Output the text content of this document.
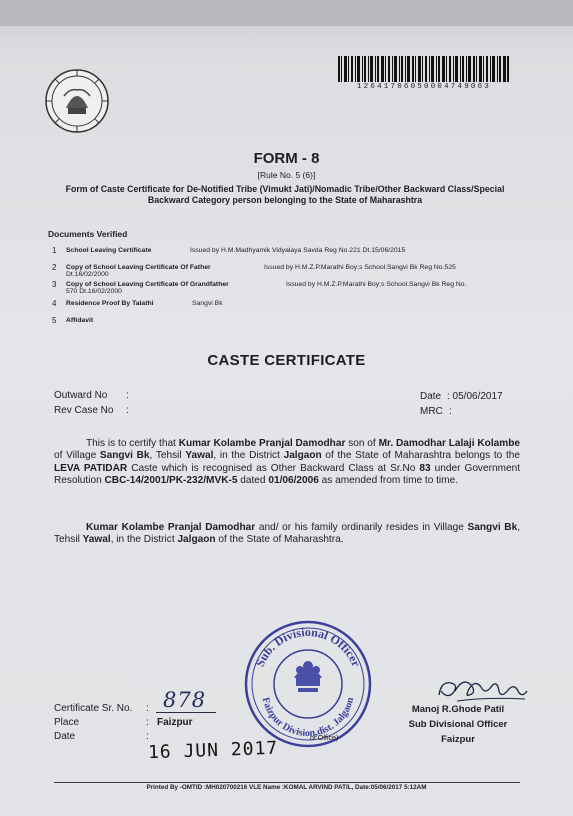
12641706050004749063
FORM - 8
[Rule No. 5 (6)]
Form of Caste Certificate for De-Notified Tribe (Vimukt Jati)/Nomadic Tribe/Other Backward Class/Special Backward Category person belonging to the State of Maharashtra
Documents Verified
1 School Leaving Certificate	Issued by H.M.Madhyamik Vidyalaya Savda Reg No.221 Dt.15/06/2015
2 Copy of School Leaving Certificate Of Father	Issued by H.M.Z.P.Marathi Boy;s School.Sangvi Bk Reg No.525
Dt.16/02/2000
3 Copy of School Leaving Certificate Of Grandfather	Issued by H.M.Z.P.Marathi Boy;s School.Sangvi Bk Reg No.
570 Dt.16/02/2000
4 Residence Proof By Talathi	Sangvi Bk
5 Affidavit
CASTE CERTIFICATE
Outward No :
Rev Case No :
Date : 05/06/2017
MRC :
This is to certify that Kumar Kolambe Pranjal Damodhar son of Mr. Damodhar Lalaji Kolambe of Village Sangvi Bk, Tehsil Yawal, in the District Jalgaon of the State of Maharashtra belongs to the LEVA PATIDAR Caste which is recognised as Other Backward Class at Sr.No 83 under Government Resolution CBC-14/2001/PK-232/MVK-5 dated 01/06/2006 as amended from time to time.
Kumar Kolambe Pranjal Damodhar and/ or his family ordinarily resides in Village Sangvi Bk, Tehsil Yawal, in the District Jalgaon of the State of Maharashtra.
Sub. Divisional Officer
Faizpur Division,dist. Jalgaon
of Office)
Manoj R.Ghode Patil
Sub Divisional Officer
Faizpur
Certificate Sr. No. : 878
Place	: Faizpur
Date	:
16 JUN 2017
Printed By -OMTID :MH020700216 VLE Name :KOMAL ARVIND PATIL, Date:05/06/2017 5:12AM
